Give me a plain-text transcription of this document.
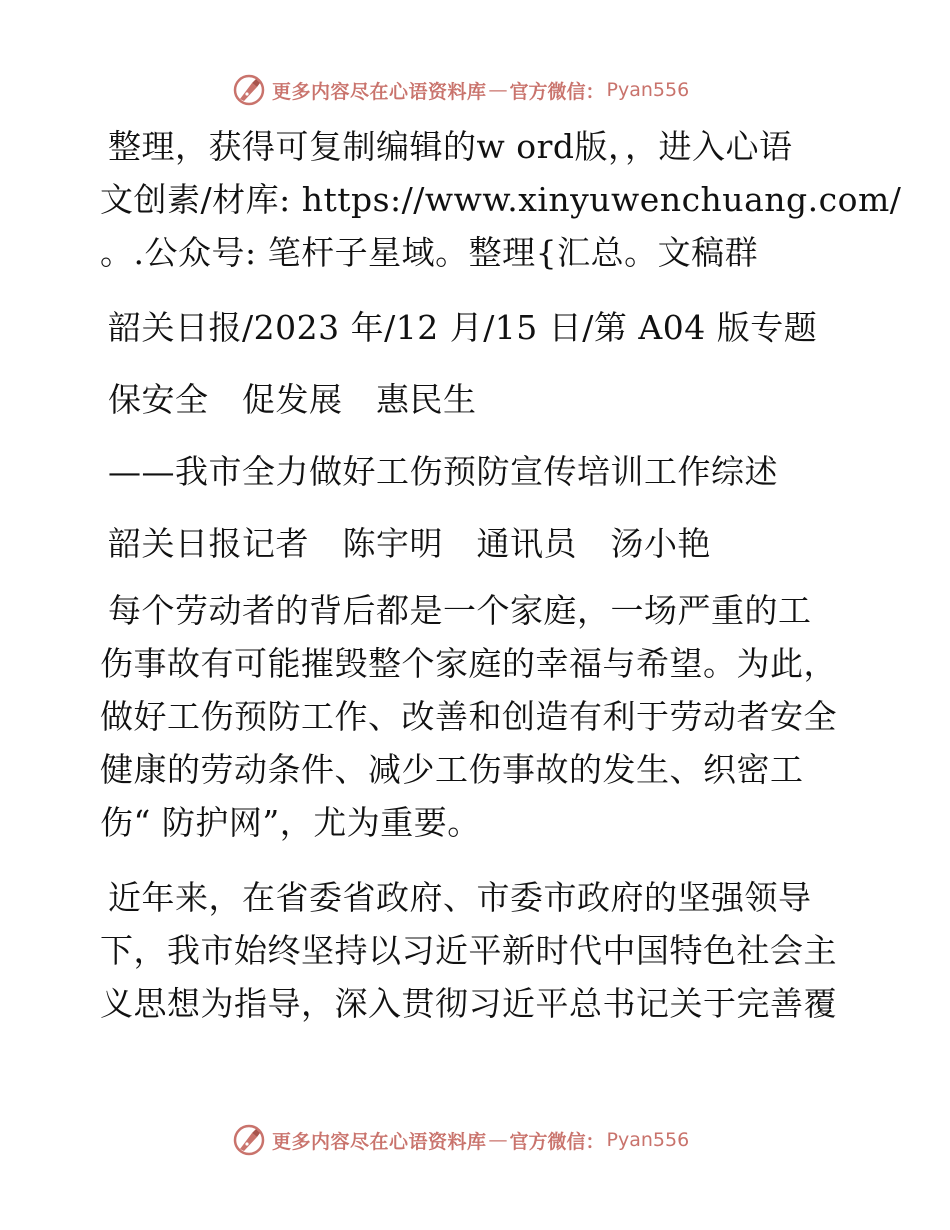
更多内容尽在心语资料库 — 官方微信： Pyan556
整理，获得可复制编辑的w ord版，，进入心语
文创素/材库: https://www.xinyuwenchuang.com/
。.公众号: 笔杆子星域。整理{汇总。文稿群
韶关日报/2023 年/12 月/15 日/第 A04 版专题
保安全　促发展　惠民生
——我市全力做好工伤预防宣传培训工作综述
韶关日报记者　陈宇明　通讯员　汤小艳
每个劳动者的背后都是一个家庭，一场严重的工
伤事故有可能摧毁整个家庭的幸福与希望。为此，
做好工伤预防工作、改善和创造有利于劳动者安全
健康的劳动条件、减少工伤事故的发生、织密工
伤“ 防护网”，尤为重要。
近年来，在省委省政府、市委市政府的坚强领导
下，我市始终坚持以习近平新时代中国特色社会主
义思想为指导，深入贯彻习近平总书记关于完善覆
更多内容尽在心语资料库 — 官方微信： Pyan556
